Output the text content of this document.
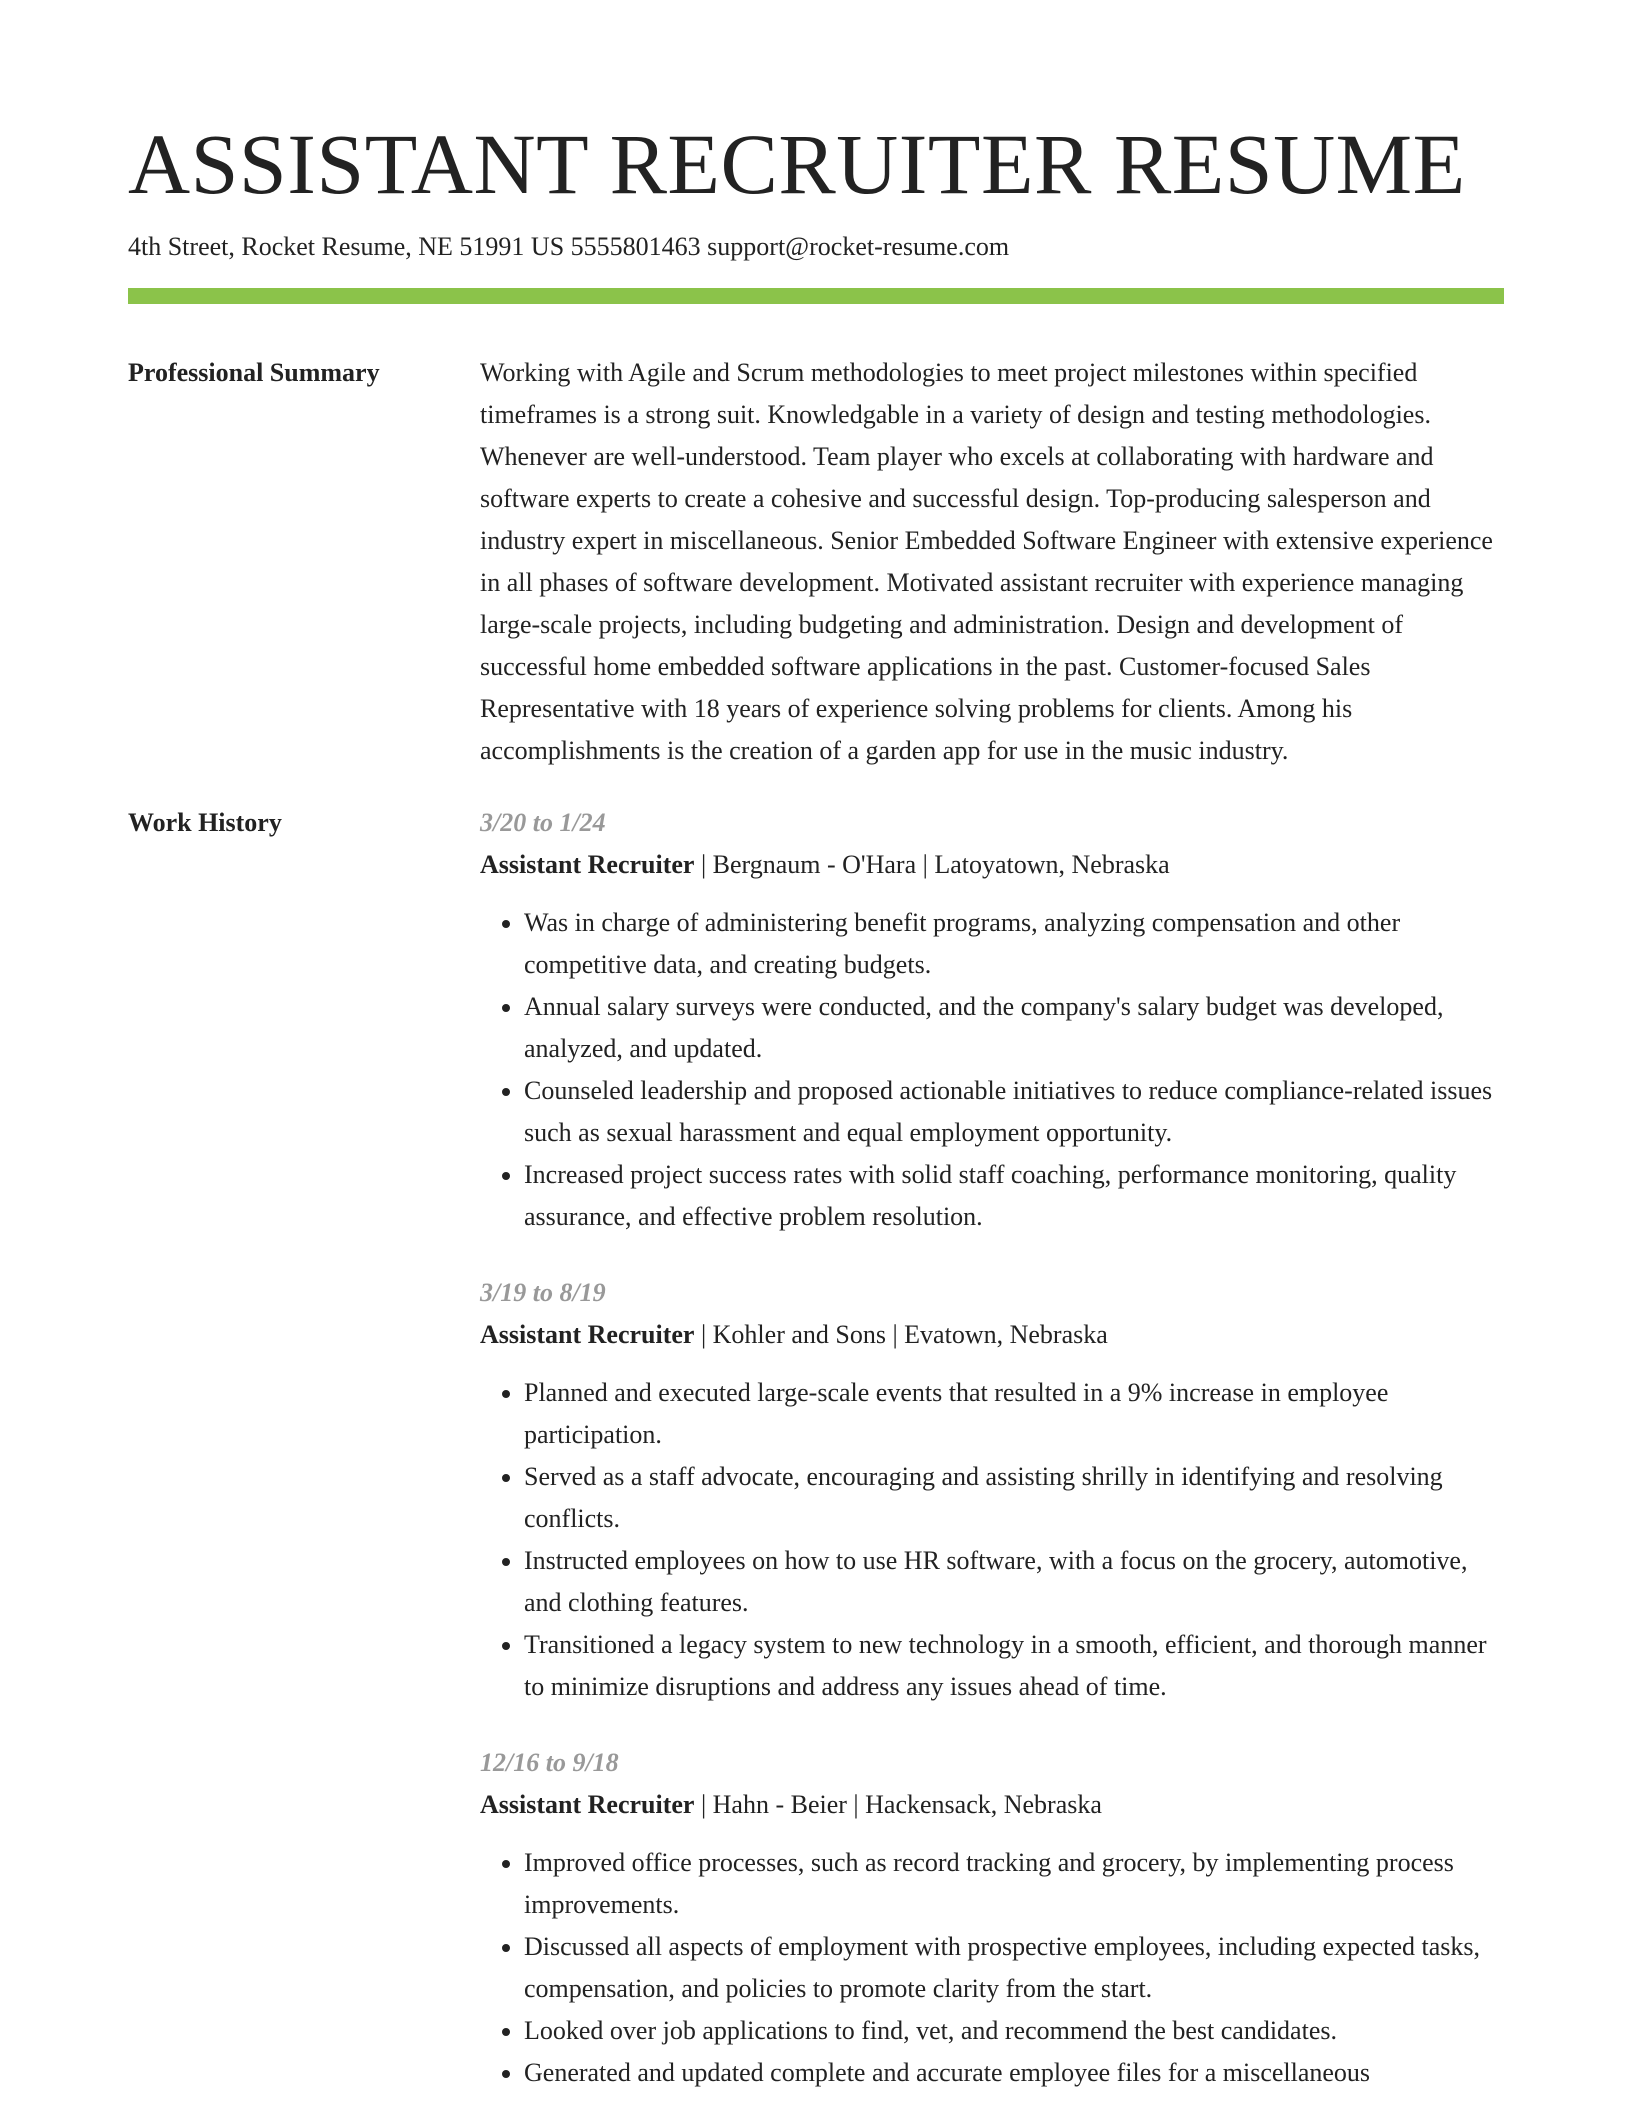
ASSISTANT RECRUITER RESUME
4th Street, Rocket Resume, NE 51991 US 5555801463 support@rocket-resume.com
Professional Summary	Working with Agile and Scrum methodologies to meet project milestones within specified timeframes is a strong suit. Knowledgable in a variety of design and testing methodologies. Whenever are well-understood. Team player who excels at collaborating with hardware and software experts to create a cohesive and successful design. Top-producing salesperson and industry expert in miscellaneous. Senior Embedded Software Engineer with extensive experience in all phases of software development. Motivated assistant recruiter with experience managing large-scale projects, including budgeting and administration. Design and development of successful home embedded software applications in the past. Customer-focused Sales Representative with 18 years of experience solving problems for clients. Among his accomplishments is the creation of a garden app for use in the music industry.

Work History	3/20 to 1/24
Assistant Recruiter | Bergnaum - O'Hara | Latoyatown, Nebraska
• Was in charge of administering benefit programs, analyzing compensation and other competitive data, and creating budgets.
• Annual salary surveys were conducted, and the company's salary budget was developed, analyzed, and updated.
• Counseled leadership and proposed actionable initiatives to reduce compliance-related issues such as sexual harassment and equal employment opportunity.
• Increased project success rates with solid staff coaching, performance monitoring, quality assurance, and effective problem resolution.
3/19 to 8/19
Assistant Recruiter | Kohler and Sons | Evatown, Nebraska
• Planned and executed large-scale events that resulted in a 9% increase in employee participation.
• Served as a staff advocate, encouraging and assisting shrilly in identifying and resolving conflicts.
• Instructed employees on how to use HR software, with a focus on the grocery, automotive, and clothing features.
• Transitioned a legacy system to new technology in a smooth, efficient, and thorough manner to minimize disruptions and address any issues ahead of time.
12/16 to 9/18
Assistant Recruiter | Hahn - Beier | Hackensack, Nebraska
• Improved office processes, such as record tracking and grocery, by implementing process improvements.
• Discussed all aspects of employment with prospective employees, including expected tasks, compensation, and policies to promote clarity from the start.
• Looked over job applications to find, vet, and recommend the best candidates.
• Generated and updated complete and accurate employee files for a miscellaneous
